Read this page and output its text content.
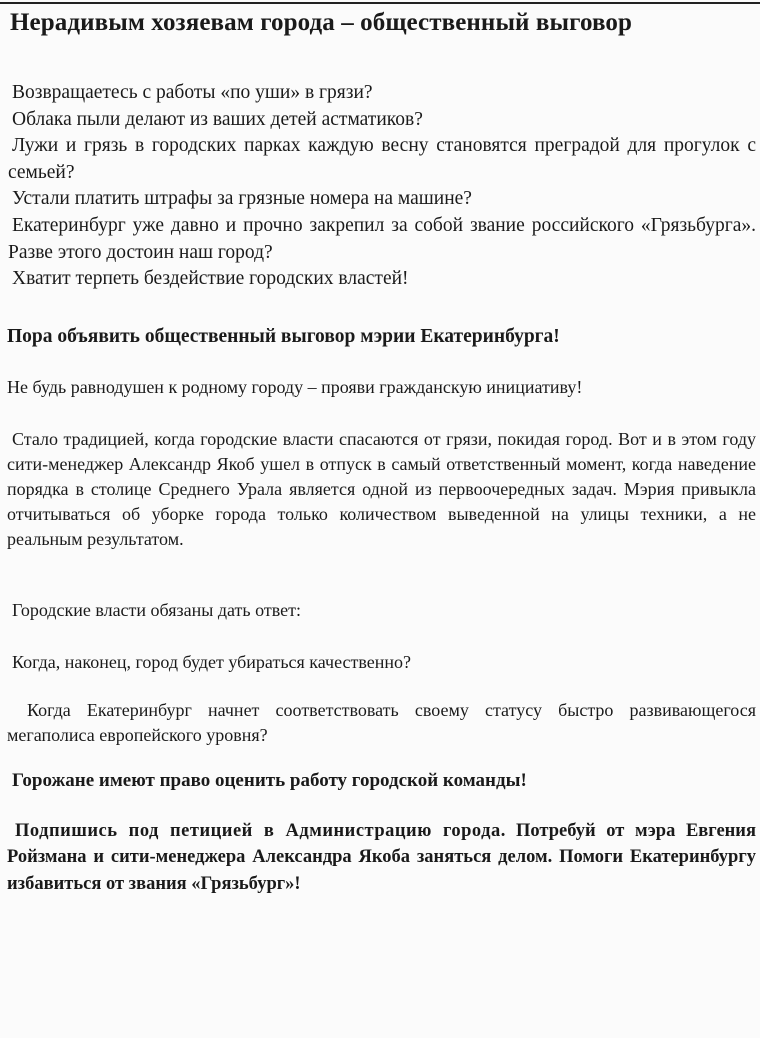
Нерадивым хозяевам города – общественный выговор
Возвращаетесь с работы «по уши» в грязи?
Облака пыли делают из ваших детей астматиков?
Лужи и грязь в городских парках каждую весну становятся преградой для прогулок с семьей?
Устали платить штрафы за грязные номера на машине?
Екатеринбург уже давно и прочно закрепил за собой звание российского «Грязьбурга». Разве этого достоин наш город?
Хватит терпеть бездействие городских властей!
Пора объявить общественный выговор мэрии Екатеринбурга!
Не будь равнодушен к родному городу – прояви гражданскую инициативу!
Стало традицией, когда городские власти спасаются от грязи, покидая город. Вот и в этом году сити-менеджер Александр Якоб ушел в отпуск в самый ответственный момент, когда наведение порядка в столице Среднего Урала является одной из первоочередных задач. Мэрия привыкла отчитываться об уборке города только количеством выведенной на улицы техники, а не реальным результатом.
Городские власти обязаны дать ответ:
Когда, наконец, город будет убираться качественно?
Когда Екатеринбург начнет соответствовать своему статусу быстро развивающегося мегаполиса европейского уровня?
Горожане имеют право оценить работу городской команды!
Подпишись под петицией в Администрацию города. Потребуй от мэра Евгения Ройзмана и сити-менеджера Александра Якоба заняться делом. Помоги Екатеринбургу избавиться от звания «Грязьбург»!
